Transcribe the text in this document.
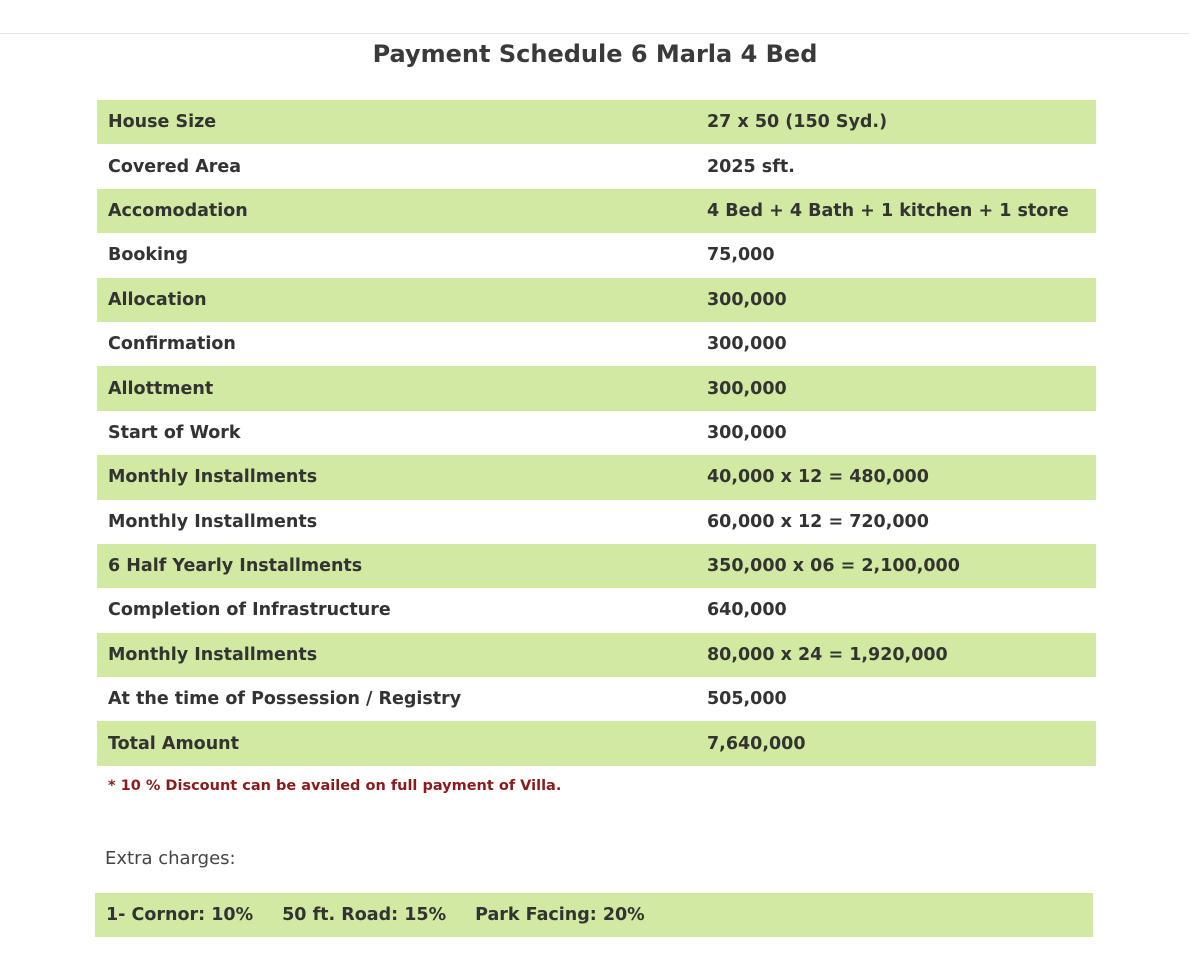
Payment Schedule 6 Marla 4 Bed
House Size	27 x 50 (150 Syd.)
Covered Area	2025 sft.
Accomodation	4 Bed + 4 Bath + 1 kitchen + 1 store
Booking	75,000
Allocation	300,000
Confirmation	300,000
Allottment	300,000
Start of Work	300,000
Monthly Installments	40,000 x 12 = 480,000
Monthly Installments	60,000 x 12 = 720,000
6 Half Yearly Installments	350,000 x 06 = 2,100,000
Completion of Infrastructure	640,000
Monthly Installments	80,000 x 24 = 1,920,000
At the time of Possession / Registry	505,000
Total Amount	7,640,000
* 10 % Discount can be availed on full payment of Villa.
Extra charges:
1- Cornor: 10% 50 ft. Road: 15% Park Facing: 20%
